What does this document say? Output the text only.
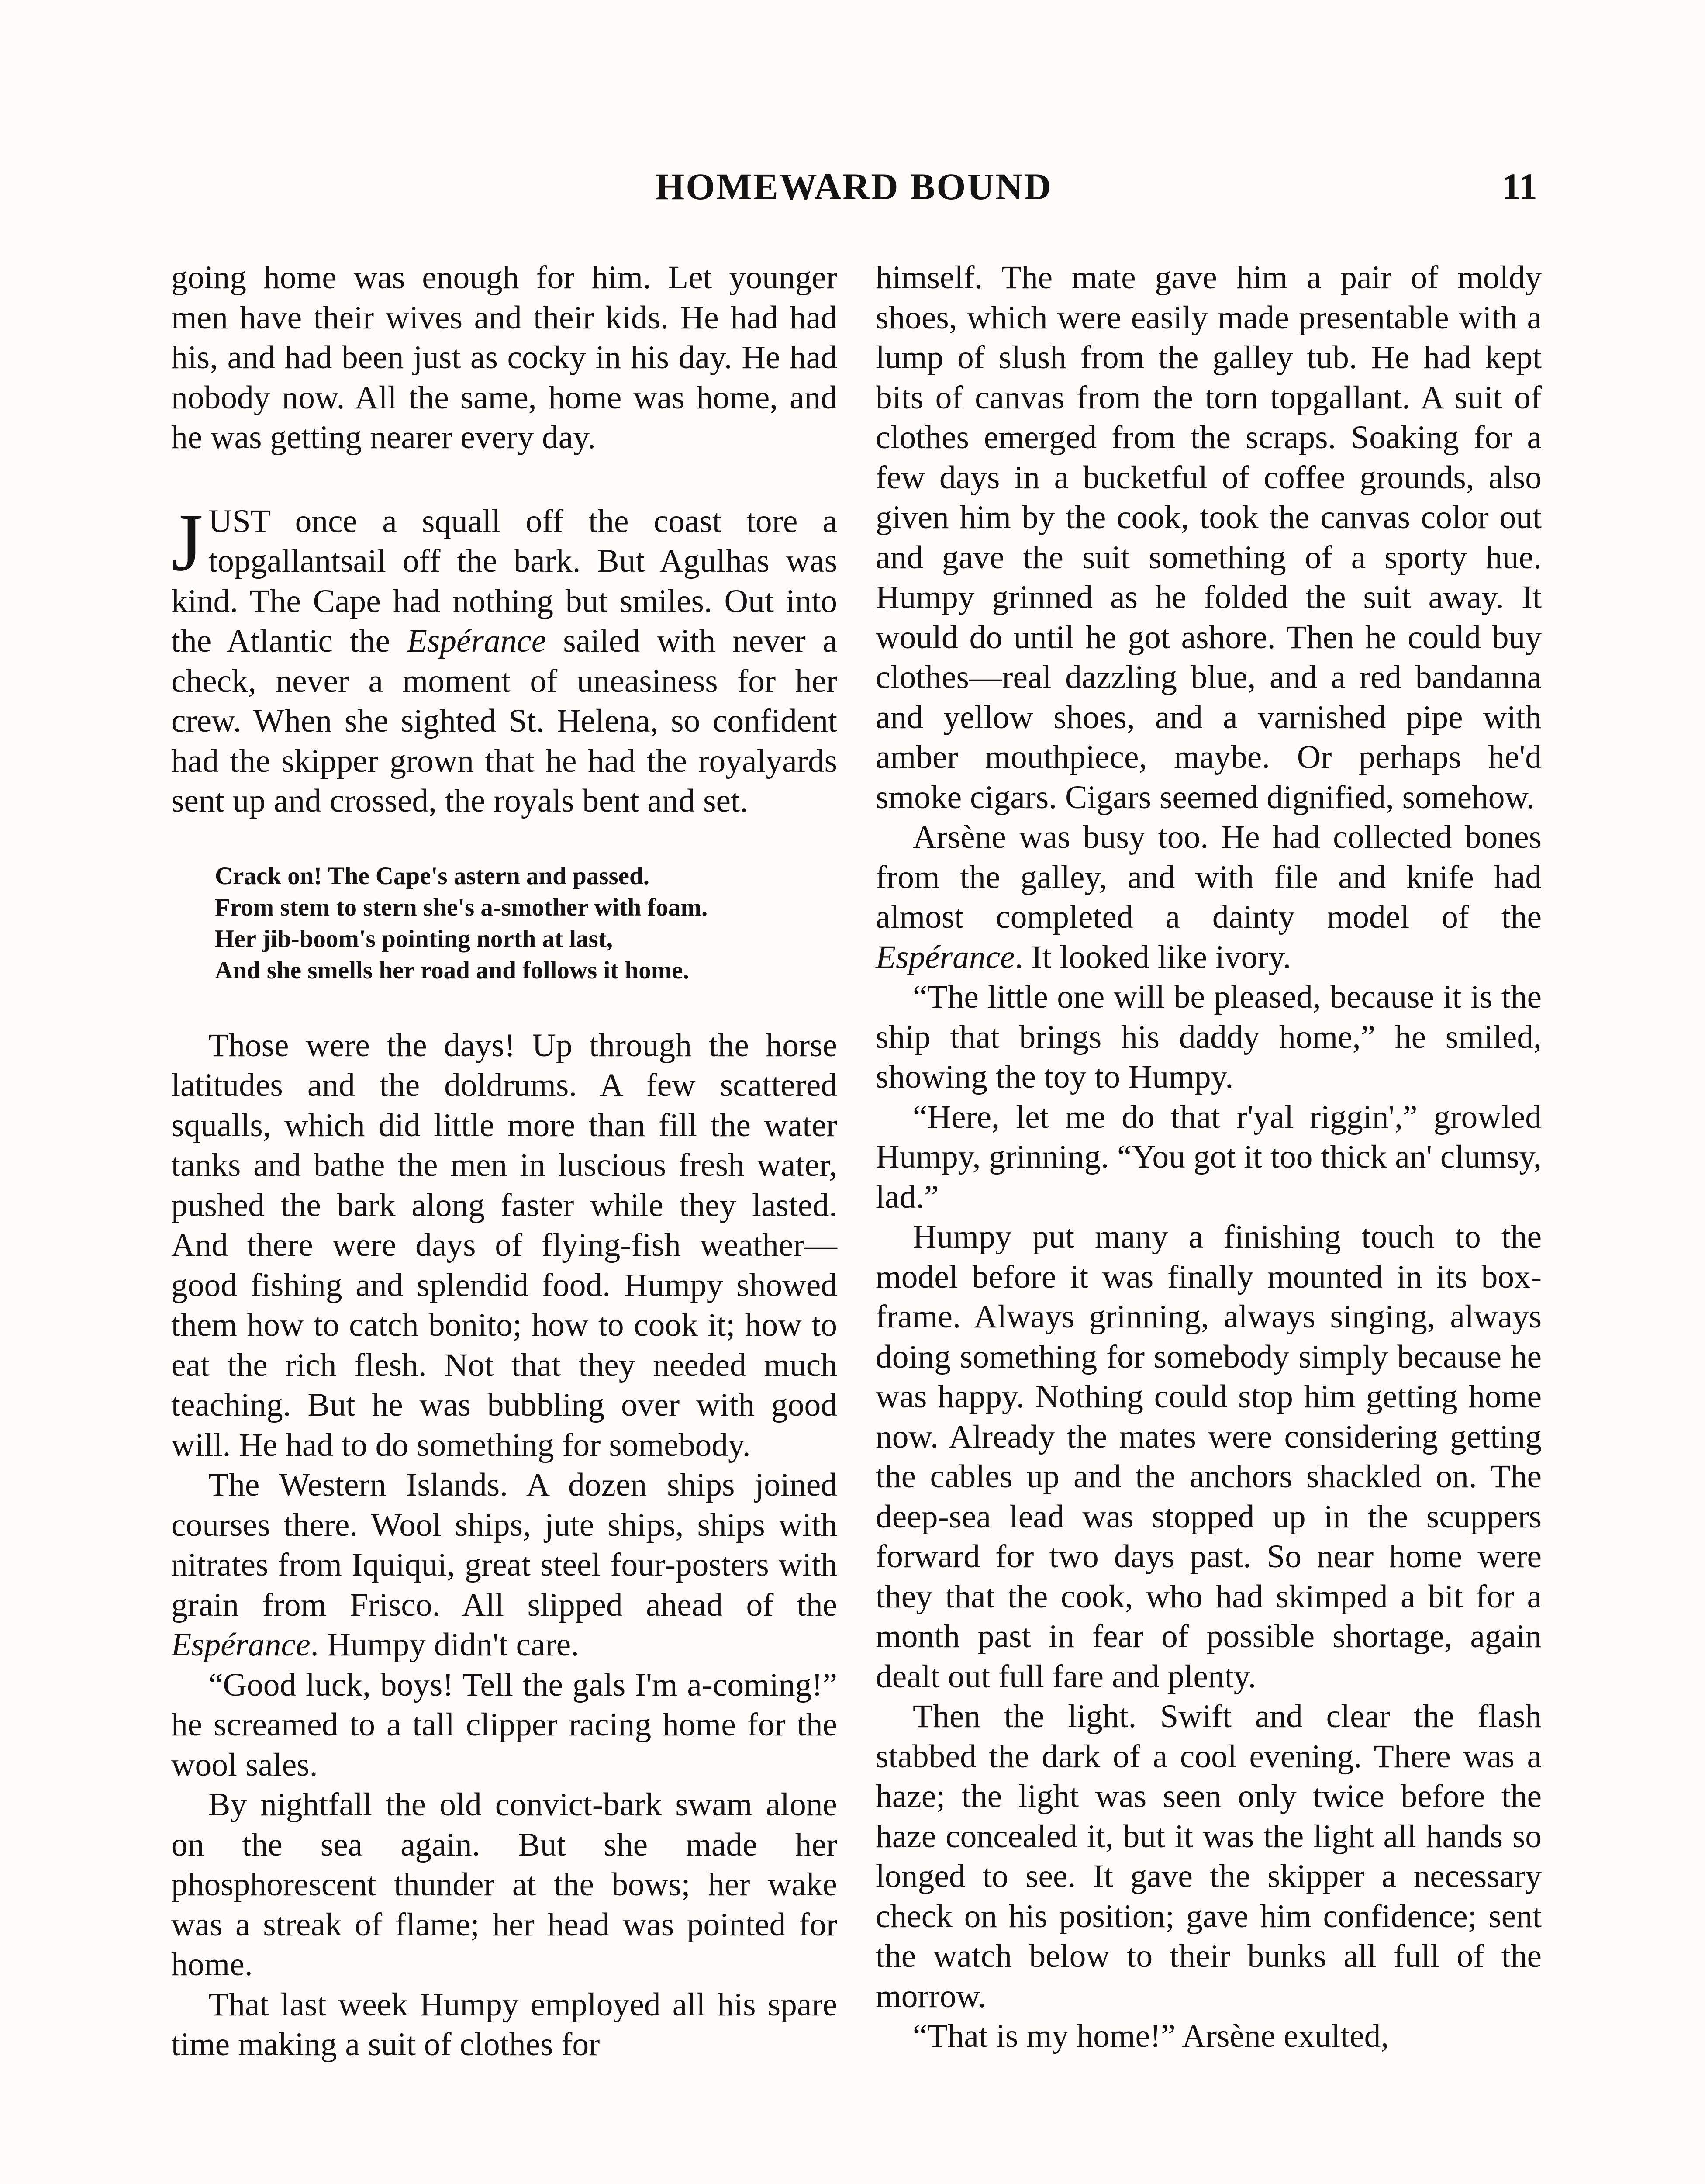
HOMEWARD BOUND	11

going home was enough for him. Let younger men have their wives and their kids. He had had his, and had been just as cocky in his day. He had nobody now. All the same, home was home, and he was getting nearer every day.

JUST once a squall off the coast tore a topgallantsail off the bark. But Agulhas was kind. The Cape had nothing but smiles. Out into the Atlantic the Espérance sailed with never a check, never a moment of uneasiness for her crew. When she sighted St. Helena, so confident had the skipper grown that he had the royalyards sent up and crossed, the royals bent and set.

Crack on! The Cape's astern and passed.
From stem to stern she's a-smother with foam.
Her jib-boom's pointing north at last,
And she smells her road and follows it home.

Those were the days! Up through the horse latitudes and the doldrums. A few scattered squalls, which did little more than fill the water tanks and bathe the men in luscious fresh water, pushed the bark along faster while they lasted. And there were days of flying-fish weather—good fishing and splendid food. Humpy showed them how to catch bonito; how to cook it; how to eat the rich flesh. Not that they needed much teaching. But he was bubbling over with good will. He had to do something for somebody.

The Western Islands. A dozen ships joined courses there. Wool ships, jute ships, ships with nitrates from Iquiqui, great steel four-posters with grain from Frisco. All slipped ahead of the Espérance. Humpy didn't care.

“Good luck, boys! Tell the gals I'm a-coming!” he screamed to a tall clipper racing home for the wool sales.

By nightfall the old convict-bark swam alone on the sea again. But she made her phosphorescent thunder at the bows; her wake was a streak of flame; her head was pointed for home.

That last week Humpy employed all his spare time making a suit of clothes for

himself. The mate gave him a pair of moldy shoes, which were easily made presentable with a lump of slush from the galley tub. He had kept bits of canvas from the torn topgallant. A suit of clothes emerged from the scraps. Soaking for a few days in a bucketful of coffee grounds, also given him by the cook, took the canvas color out and gave the suit something of a sporty hue. Humpy grinned as he folded the suit away. It would do until he got ashore. Then he could buy clothes—real dazzling blue, and a red bandanna and yellow shoes, and a varnished pipe with amber mouthpiece, maybe. Or perhaps he'd smoke cigars. Cigars seemed dignified, somehow.

Arsène was busy too. He had collected bones from the galley, and with file and knife had almost completed a dainty model of the Espérance. It looked like ivory.

“The little one will be pleased, because it is the ship that brings his daddy home,” he smiled, showing the toy to Humpy.

“Here, let me do that r'yal riggin',” growled Humpy, grinning. “You got it too thick an' clumsy, lad.”

Humpy put many a finishing touch to the model before it was finally mounted in its box-frame. Always grinning, always singing, always doing something for somebody simply because he was happy. Nothing could stop him getting home now. Already the mates were considering getting the cables up and the anchors shackled on. The deep-sea lead was stopped up in the scuppers forward for two days past. So near home were they that the cook, who had skimped a bit for a month past in fear of possible shortage, again dealt out full fare and plenty.

Then the light. Swift and clear the flash stabbed the dark of a cool evening. There was a haze; the light was seen only twice before the haze concealed it, but it was the light all hands so longed to see. It gave the skipper a necessary check on his position; gave him confidence; sent the watch below to their bunks all full of the morrow.

“That is my home!” Arsène exulted,
